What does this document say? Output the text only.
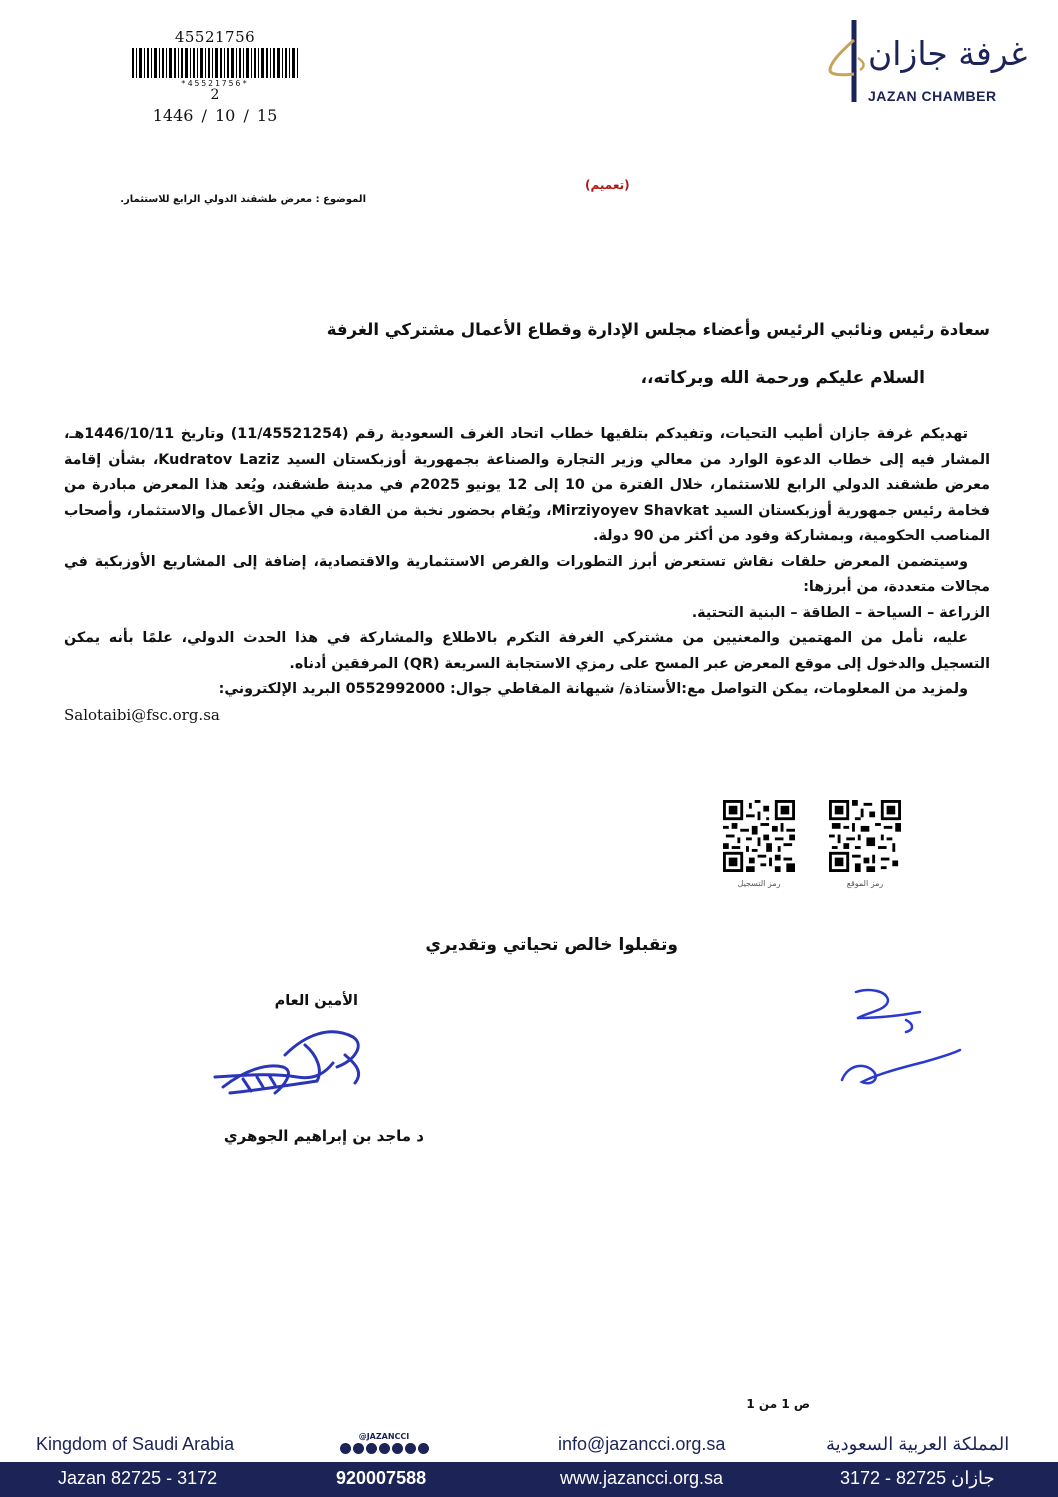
45521756
*45521756*
2
1446 / 10 / 15
غرفة جازان
JAZAN CHAMBER
(تعميم)
الموضوع : معرض طشقند الدولي الرابع للاستثمار.
سعادة رئيس ونائبي الرئيس وأعضاء مجلس الإدارة وقطاع الأعمال مشتركي الغرفة
السلام عليكم ورحمة الله وبركاته،،

تهديكم غرفة جازان أطيب التحيات، وتفيدكم بتلقيها خطاب اتحاد الغرف السعودية رقم (11/45521254) وتاريخ 1446/10/11هـ، المشار فيه إلى خطاب الدعوة الوارد من معالي وزير التجارة والصناعة بجمهورية أوزبكستان السيد Kudratov Laziz، بشأن إقامة معرض طشقند الدولي الرابع للاستثمار، خلال الفترة من 10 إلى 12 يونيو 2025م في مدينة طشقند، ويُعد هذا المعرض مبادرة من فخامة رئيس جمهورية أوزبكستان السيد Mirziyoyev Shavkat، ويُقام بحضور نخبة من القادة في مجال الأعمال والاستثمار، وأصحاب المناصب الحكومية، وبمشاركة وفود من أكثر من 90 دولة.

وسيتضمن المعرض حلقات نقاش تستعرض أبرز التطورات والفرص الاستثمارية والاقتصادية، إضافة إلى المشاريع الأوزبكية في مجالات متعددة، من أبرزها:

الزراعة – السياحة – الطاقة – البنية التحتية.

عليه، نأمل من المهتمين والمعنيين من مشتركي الغرفة التكرم بالاطلاع والمشاركة في هذا الحدث الدولي، علمًا بأنه يمكن التسجيل والدخول إلى موقع المعرض عبر المسح على رمزي الاستجابة السريعة (QR) المرفقين أدناه.

ولمزيد من المعلومات، يمكن التواصل مع:الأستاذة/ شيهانة المقاطي جوال: 0552992000 البريد الإلكتروني:

Salotaibi@fsc.org.sa
رمز التسجيل	رمز الموقع
وتقبلوا خالص تحياتي وتقديري
الأمين العام
د ماجد بن إبراهيم الجوهري
ص 1 من 1
Kingdom of Saudi Arabia	info@jazancci.org.sa	المملكة العربية السعودية
@JAZANCCI
Jazan 82725 - 3172	920007588	www.jazancci.org.sa	جازان 82725 - 3172
